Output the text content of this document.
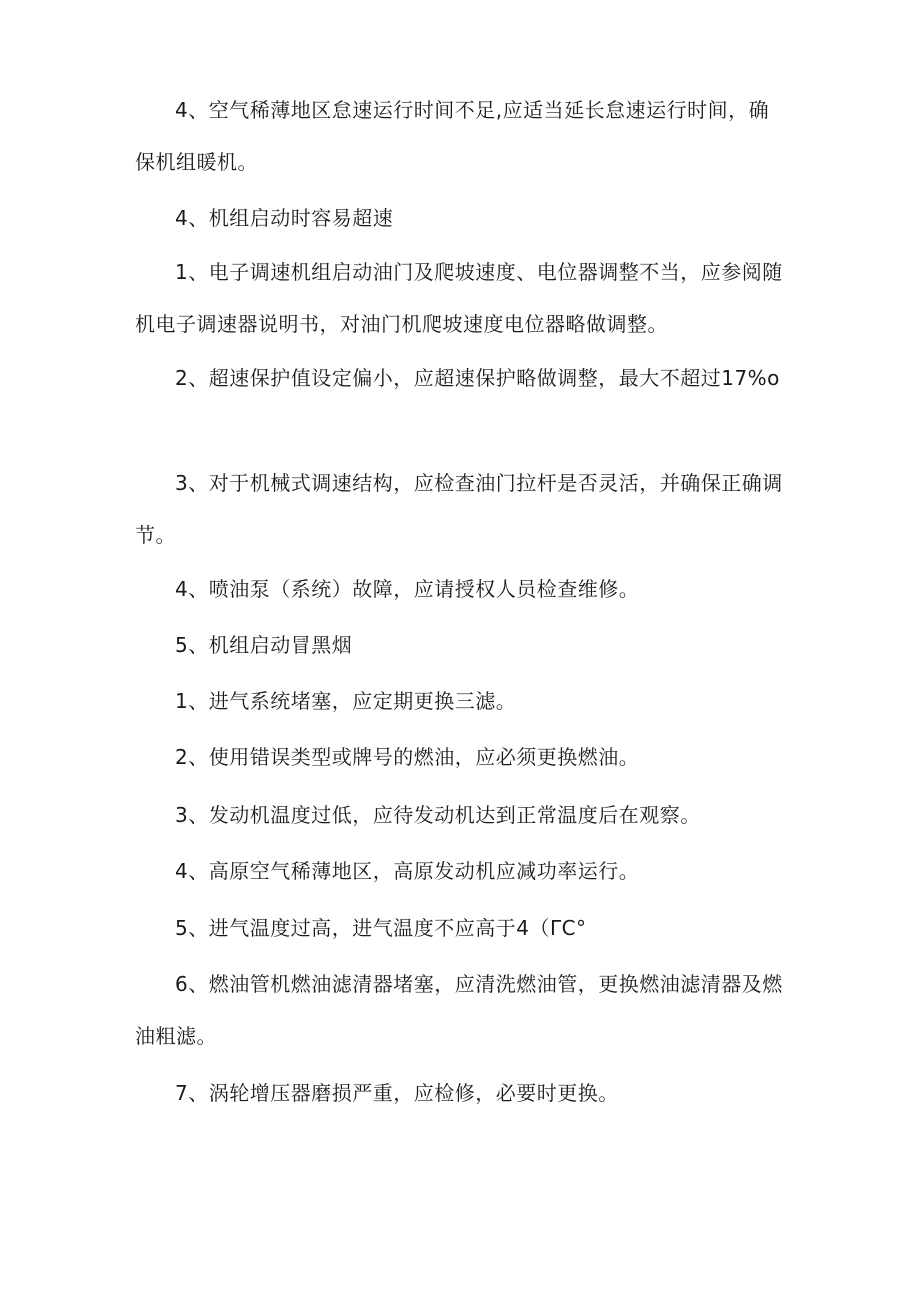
4、空气稀薄地区怠速运行时间不足,应适当延长怠速运行时间，确保机组暖机。

4、机组启动时容易超速

1、电子调速机组启动油门及爬坡速度、电位器调整不当，应参阅随机电子调速器说明书，对油门机爬坡速度电位器略做调整。

2、超速保护值设定偏小，应超速保护略做调整，最大不超过17%o

3、对于机械式调速结构，应检查油门拉杆是否灵活，并确保正确调节。

4、喷油泵（系统）故障，应请授权人员检查维修。

5、机组启动冒黑烟

1、进气系统堵塞，应定期更换三滤。

2、使用错误类型或牌号的燃油，应必须更换燃油。

3、发动机温度过低，应待发动机达到正常温度后在观察。

4、高原空气稀薄地区，高原发动机应减功率运行。

5、进气温度过高，进气温度不应高于4（ΓC°

6、燃油管机燃油滤清器堵塞，应清洗燃油管，更换燃油滤清器及燃油粗滤。

7、涡轮增压器磨损严重，应检修，必要时更换。
